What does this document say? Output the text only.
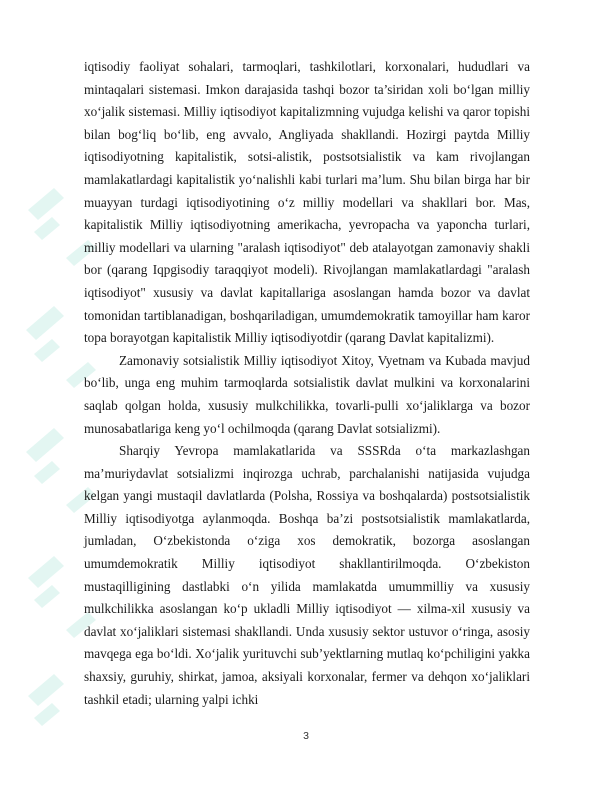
iqtisodiy faoliyat sohalari, tarmoqlari, tashkilotlari, korxonalari, hududlari va mintaqalari sistemasi. Imkon darajasida tashqi bozor ta’siridan xoli bo‘lgan milliy xo‘jalik sistemasi. Milliy iqtisodiyot kapitalizmning vujudga kelishi va qaror topishi bilan bog‘liq bo‘lib, eng avvalo, Angliyada shakllandi. Hozirgi paytda Milliy iqtisodiyotning kapitalistik, sotsi-alistik, postsotsialistik va kam rivojlangan mamlakatlardagi kapitalistik yo‘nalishli kabi turlari ma’lum. Shu bilan birga har bir muayyan turdagi iqtisodiyotining o‘z milliy modellari va shakllari bor. Mas, kapitalistik Milliy iqtisodiyotning amerikacha, yevropacha va yaponcha turlari, milliy modellari va ularning "aralash iqtisodiyot" deb atalayotgan zamonaviy shakli bor (qarang Iqpgisodiy taraqqiyot modeli). Rivojlangan mamlakatlardagi "aralash iqtisodiyot" xususiy va davlat kapitallariga asoslangan hamda bozor va davlat tomonidan tartiblanadigan, boshqariladigan, umumdemokratik tamoyillar ham karor topa borayotgan kapitalistik Milliy iqtisodiyotdir (qarang Davlat kapitalizmi).

Zamonaviy sotsialistik Milliy iqtisodiyot Xitoy, Vyetnam va Kubada mavjud bo‘lib, unga eng muhim tarmoqlarda sotsialistik davlat mulkini va korxonalarini saqlab qolgan holda, xususiy mulkchilikka, tovarli-pulli xo‘jaliklarga va bozor munosabatlariga keng yo‘l ochilmoqda (qarang Davlat sotsializmi).

Sharqiy Yevropa mamlakatlarida va SSSRda o‘ta markazlashgan ma’muriydavlat sotsializmi inqirozga uchrab, parchalanishi natijasida vujudga kelgan yangi mustaqil davlatlarda (Polsha, Rossiya va boshqalarda) postsotsialistik Milliy iqtisodiyotga aylanmoqda. Boshqa ba’zi postsotsialistik mamlakatlarda, jumladan, O‘zbekistonda o‘ziga xos demokratik, bozorga asoslangan umumdemokratik Milliy iqtisodiyot shakllantirilmoqda. O‘zbekiston mustaqilligining dastlabki o‘n yilida mamlakatda umummilliy va xususiy mulkchilikka asoslangan ko‘p ukladli Milliy iqtisodiyot — xilma-xil xususiy va davlat xo‘jaliklari sistemasi shakllandi. Unda xususiy sektor ustuvor o‘ringa, asosiy mavqega ega bo‘ldi. Xo‘jalik yurituvchi sub’yektlarning mutlaq ko‘pchiligini yakka shaxsiy, guruhiy, shirkat, jamoa, aksiyali korxonalar, fermer va dehqon xo‘jaliklari tashkil etadi; ularning yalpi ichki

3
